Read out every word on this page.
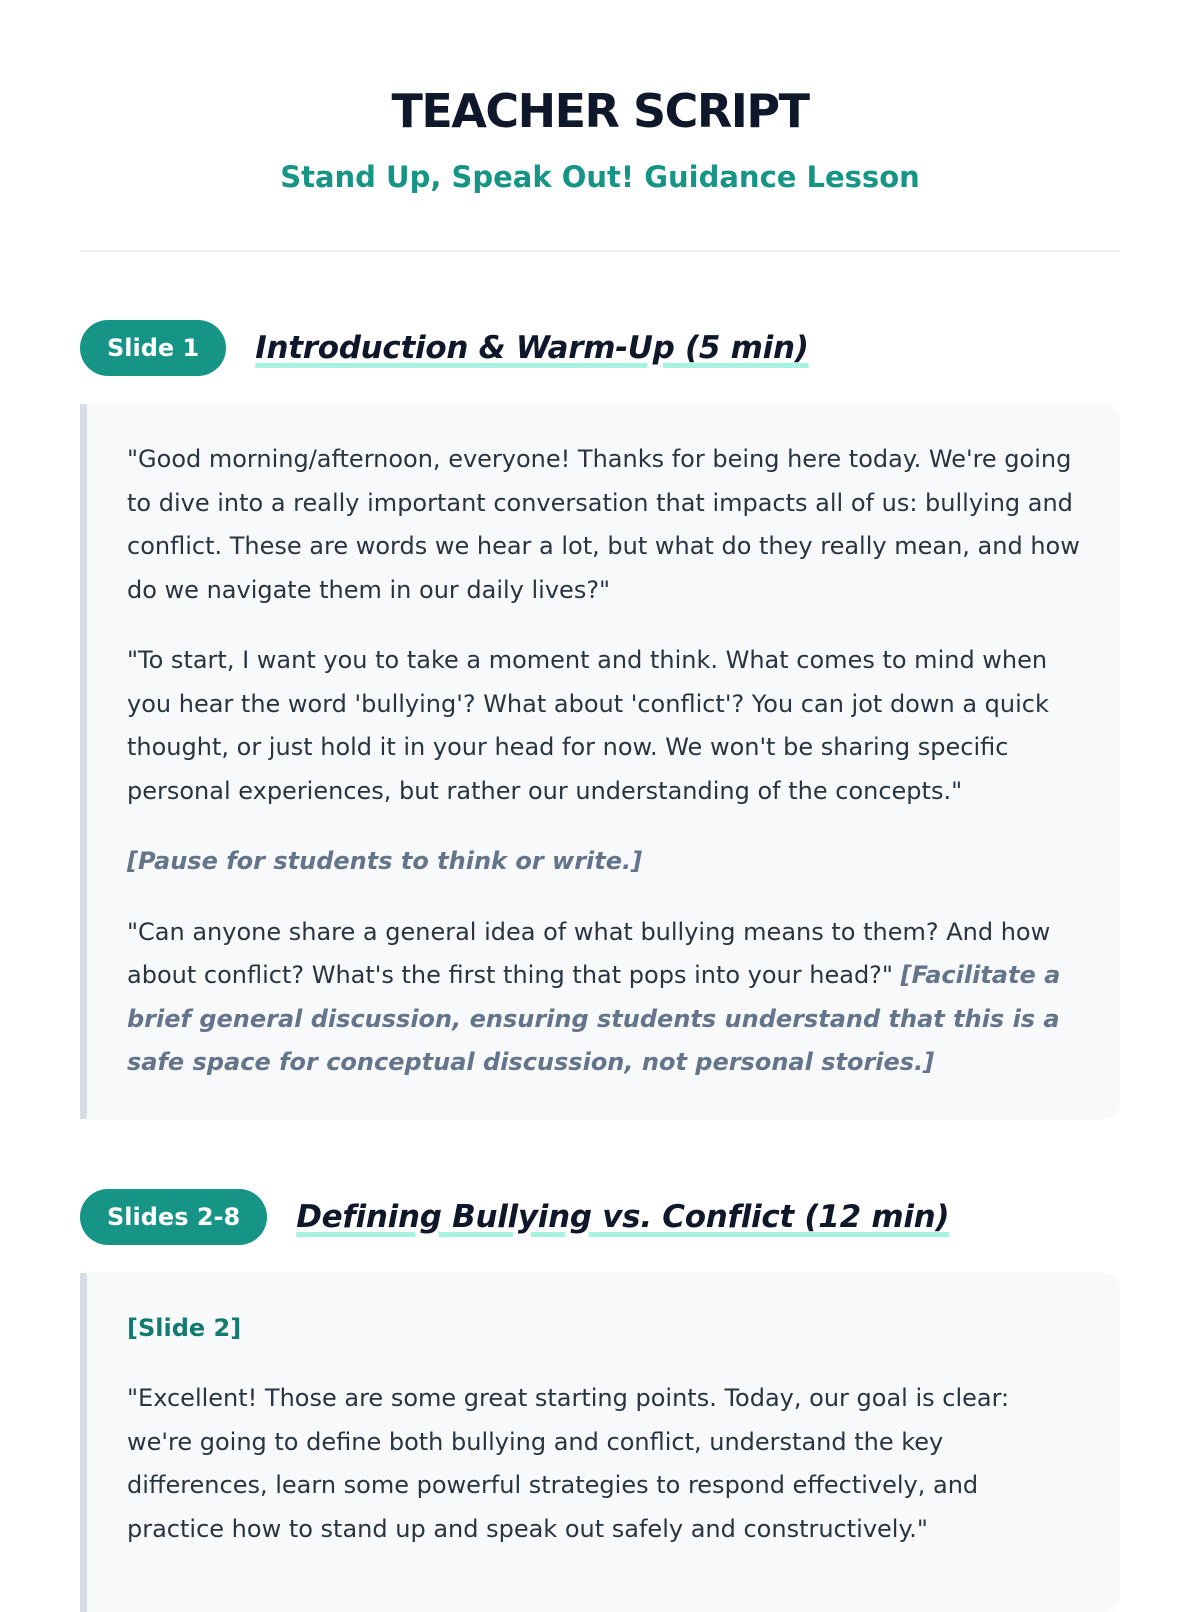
TEACHER SCRIPT
Stand Up, Speak Out! Guidance Lesson
Slide 1	Introduction & Warm-Up (5 min)

"Good morning/afternoon, everyone! Thanks for being here today. We're going to dive into a really important conversation that impacts all of us: bullying and conflict. These are words we hear a lot, but what do they really mean, and how do we navigate them in our daily lives?"

"To start, I want you to take a moment and think. What comes to mind when you hear the word 'bullying'? What about 'conflict'? You can jot down a quick thought, or just hold it in your head for now. We won't be sharing specific personal experiences, but rather our understanding of the concepts."

[Pause for students to think or write.]

"Can anyone share a general idea of what bullying means to them? And how about conflict? What's the first thing that pops into your head?" [Facilitate a brief general discussion, ensuring students understand that this is a safe space for conceptual discussion, not personal stories.]

Slides 2-8	Defining Bullying vs. Conflict (12 min)

[Slide 2]

"Excellent! Those are some great starting points. Today, our goal is clear: we're going to define both bullying and conflict, understand the key differences, learn some powerful strategies to respond effectively, and practice how to stand up and speak out safely and constructively."
